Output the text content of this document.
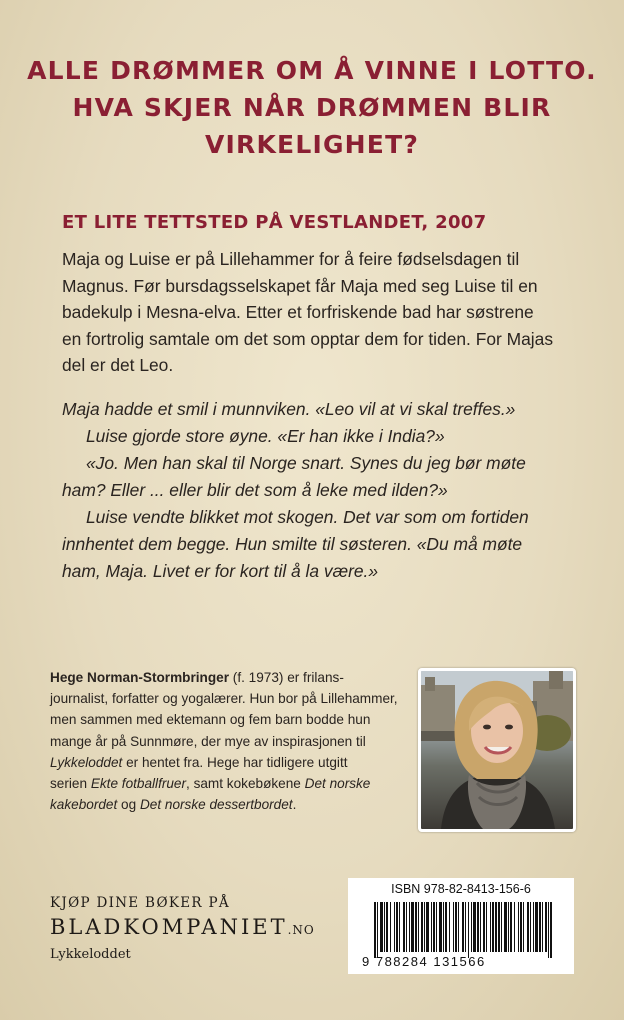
ALLE DRØMMER OM Å VINNE I LOTTO.
HVA SKJER NÅR DRØMMEN BLIR
VIRKELIGHET?
ET LITE TETTSTED PÅ VESTLANDET, 2007
Maja og Luise er på Lillehammer for å feire fødselsdagen til
Magnus. Før bursdagsselskapet får Maja med seg Luise til en
badekulp i Mesna-elva. Etter et forfriskende bad har søstrene
en fortrolig samtale om det som opptar dem for tiden. For Majas
del er det Leo.
Maja hadde et smil i munnviken. «Leo vil at vi skal treffes.»
Luise gjorde store øyne. «Er han ikke i India?»
«Jo. Men han skal til Norge snart. Synes du jeg bør møte
ham? Eller ... eller blir det som å leke med ilden?»
Luise vendte blikket mot skogen. Det var som om fortiden
innhentet dem begge. Hun smilte til søsteren. «Du må møte
ham, Maja. Livet er for kort til å la være.»
Hege Norman-Stormbringer (f. 1973) er frilans-
journalist, forfatter og yogalærer. Hun bor på Lillehammer,
men sammen med ektemann og fem barn bodde hun
mange år på Sunnmøre, der mye av inspirasjonen til
Lykkeloddet er hentet fra. Hege har tidligere utgitt
serien Ekte fotballfruer, samt kokebøkene Det norske
kakebordet og Det norske dessertbordet.
KJØP DINE BØKER PÅ
BLADKOMPANIET.NO
Lykkeloddet
ISBN 978-82-8413-156-6
9 788284 131566
